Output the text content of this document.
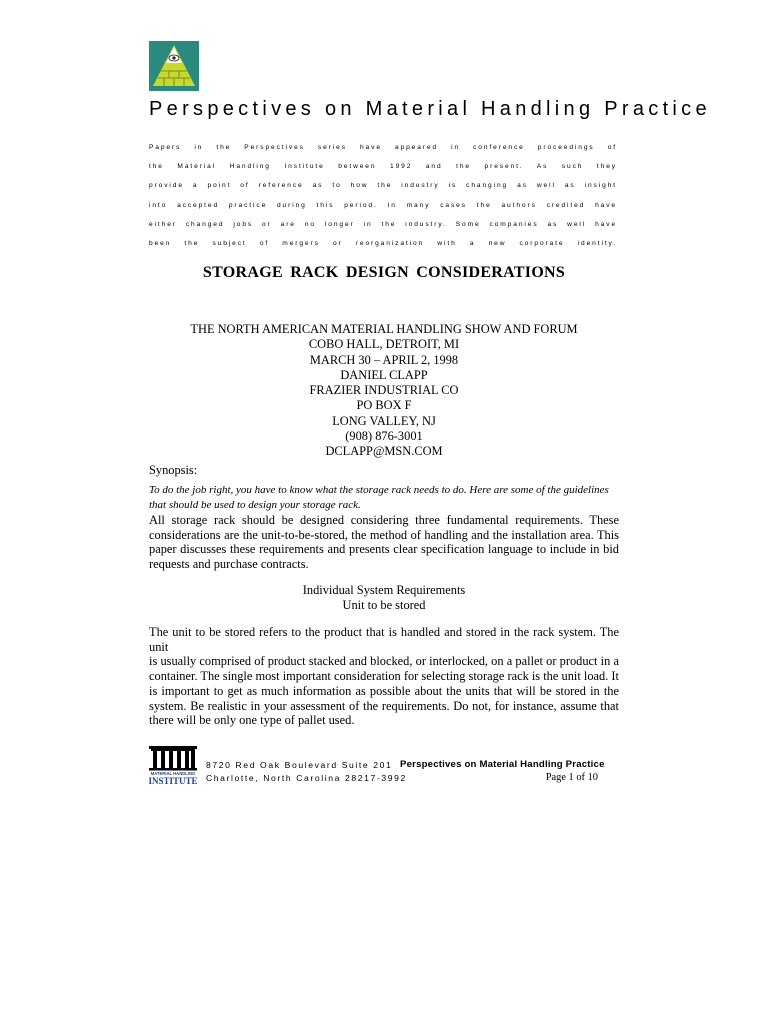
Perspectives on Material Handling Practice
Papers in the Perspectives series have appeared in conference proceedings of
the Material Handling Institute between 1992 and the present. As such they
provide a point of reference as to how the industry is changing as well as insight
into accepted practice during this period. In many cases the authors credited have
either changed jobs or are no longer in the industry. Some companies as well have
been the subject of mergers or reorganization with a new corporate identity.
STORAGE RACK DESIGN CONSIDERATIONS
THE NORTH AMERICAN MATERIAL HANDLING SHOW AND FORUM
COBO HALL, DETROIT, MI
MARCH 30 – APRIL 2, 1998
DANIEL CLAPP
FRAZIER INDUSTRIAL CO
PO BOX F
LONG VALLEY, NJ
(908) 876-3001
DCLAPP@MSN.COM
Synopsis:
To do the job right, you have to know what the storage rack needs to do. Here are some of the guidelines that should be used to design your storage rack.
All storage rack should be designed considering three fundamental requirements. These
considerations are the unit-to-be-stored, the method of handling and the installation area. This
paper discusses these requirements and presents clear specification language to include in bid
requests and purchase contracts.
Individual System Requirements
Unit to be stored
The unit to be stored refers to the product that is handled and stored in the rack system. The unit
is usually comprised of product stacked and blocked, or interlocked, on a pallet or product in a
container. The single most important consideration for selecting storage rack is the unit load. It
is important to get as much information as possible about the units that will be stored in the
system. Be realistic in your assessment of the requirements. Do not, for instance, assume that
there will be only one type of pallet used.
MATERIAL HANDLING
INSTITUTE
8720 Red Oak Boulevard Suite 201
Charlotte, North Carolina 28217-3992
Perspectives on Material Handling Practice
Page 1 of 10
